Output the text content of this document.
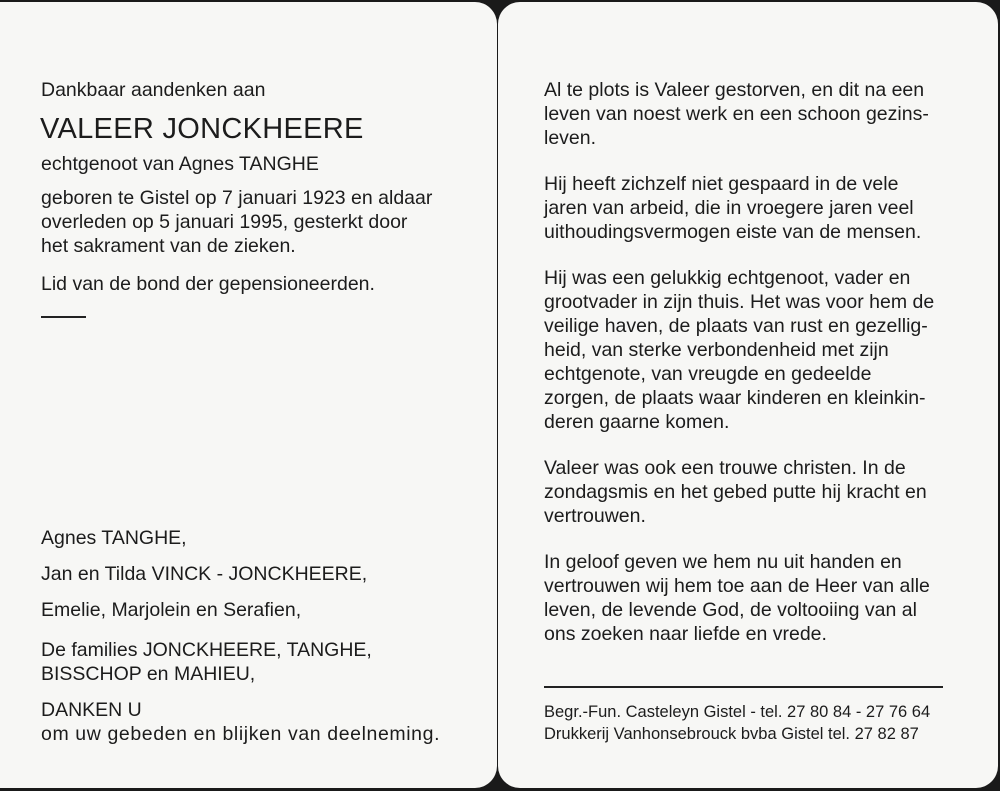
Dankbaar aandenken aan

VALEER JONCKHEERE

echtgenoot van Agnes TANGHE

geboren te Gistel op 7 januari 1923 en aldaar

overleden op 5 januari 1995, gesterkt door

het sakrament van de zieken.

Lid van de bond der gepensioneerden.

Agnes TANGHE,

Jan en Tilda VINCK - JONCKHEERE,

Emelie, Marjolein en Serafien,

De families JONCKHEERE, TANGHE,

BISSCHOP en MAHIEU,

DANKEN U

om uw gebeden en blijken van deelneming.

Al te plots is Valeer gestorven, en dit na een

leven van noest werk en een schoon gezins-

leven.

Hij heeft zichzelf niet gespaard in de vele

jaren van arbeid, die in vroegere jaren veel

uithoudingsvermogen eiste van de mensen.

Hij was een gelukkig echtgenoot, vader en

grootvader in zijn thuis. Het was voor hem de

veilige haven, de plaats van rust en gezellig-

heid, van sterke verbondenheid met zijn

echtgenote, van vreugde en gedeelde

zorgen, de plaats waar kinderen en kleinkin-

deren gaarne komen.

Valeer was ook een trouwe christen. In de

zondagsmis en het gebed putte hij kracht en

vertrouwen.

In geloof geven we hem nu uit handen en

vertrouwen wij hem toe aan de Heer van alle

leven, de levende God, de voltooiing van al

ons zoeken naar liefde en vrede.

Begr.-Fun. Casteleyn Gistel - tel. 27 80 84 - 27 76 64

Drukkerij Vanhonsebrouck bvba Gistel tel. 27 82 87
